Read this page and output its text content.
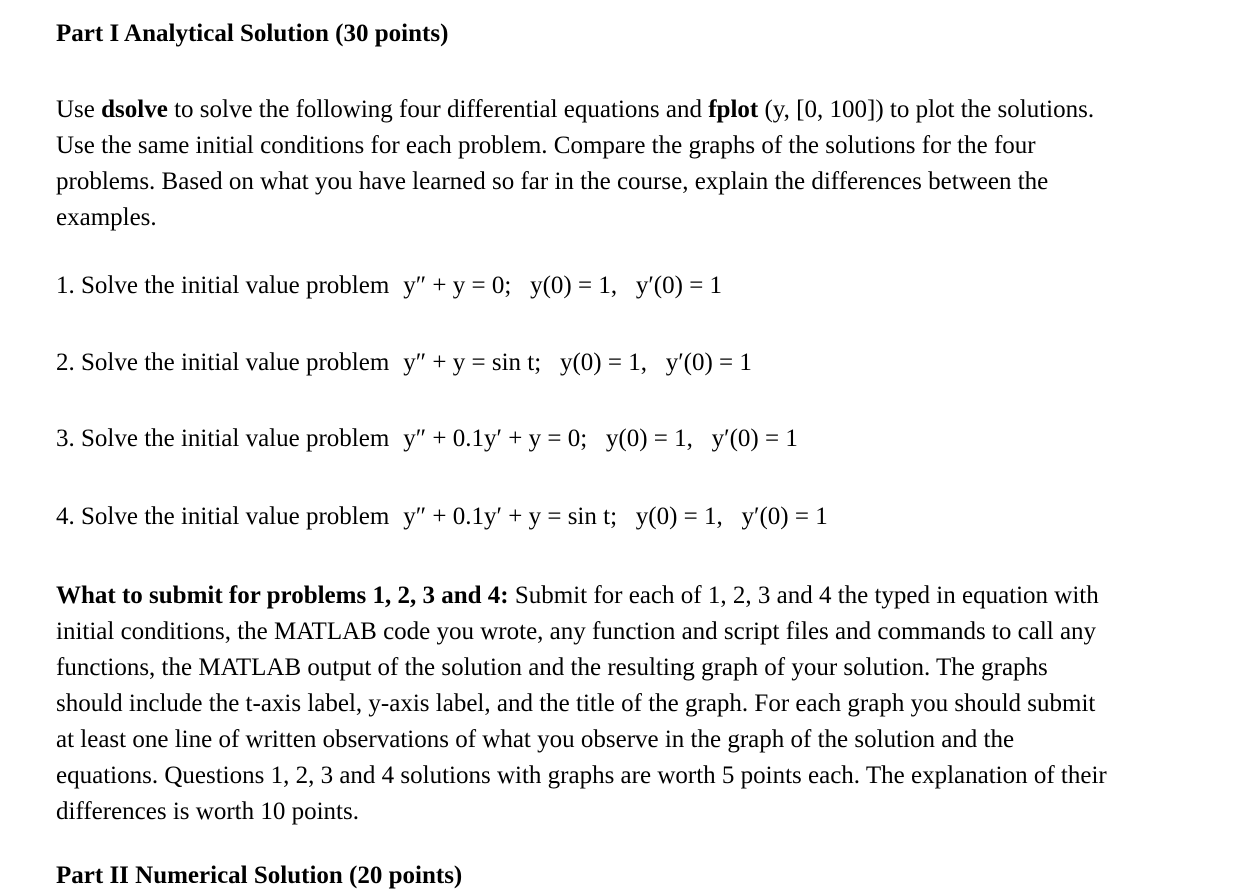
Part I Analytical Solution (30 points)
Use dsolve to solve the following four differential equations and fplot (y, [0, 100]) to plot the solutions. Use the same initial conditions for each problem. Compare the graphs of the solutions for the four problems. Based on what you have learned so far in the course, explain the differences between the examples.
1. Solve the initial value problem y″ + y = 0;   y(0) = 1,   y′(0) = 1
2. Solve the initial value problem y″ + y = sin t;   y(0) = 1,   y′(0) = 1
3. Solve the initial value problem y″ + 0.1y′ + y = 0;   y(0) = 1,   y′(0) = 1
4. Solve the initial value problem y″ + 0.1y′ + y = sin t;   y(0) = 1,   y′(0) = 1
What to submit for problems 1, 2, 3 and 4: Submit for each of 1, 2, 3 and 4 the typed in equation with initial conditions, the MATLAB code you wrote, any function and script files and commands to call any functions, the MATLAB output of the solution and the resulting graph of your solution. The graphs should include the t-axis label, y-axis label, and the title of the graph. For each graph you should submit at least one line of written observations of what you observe in the graph of the solution and the equations. Questions 1, 2, 3 and 4 solutions with graphs are worth 5 points each. The explanation of their differences is worth 10 points.
Part II Numerical Solution (20 points)
